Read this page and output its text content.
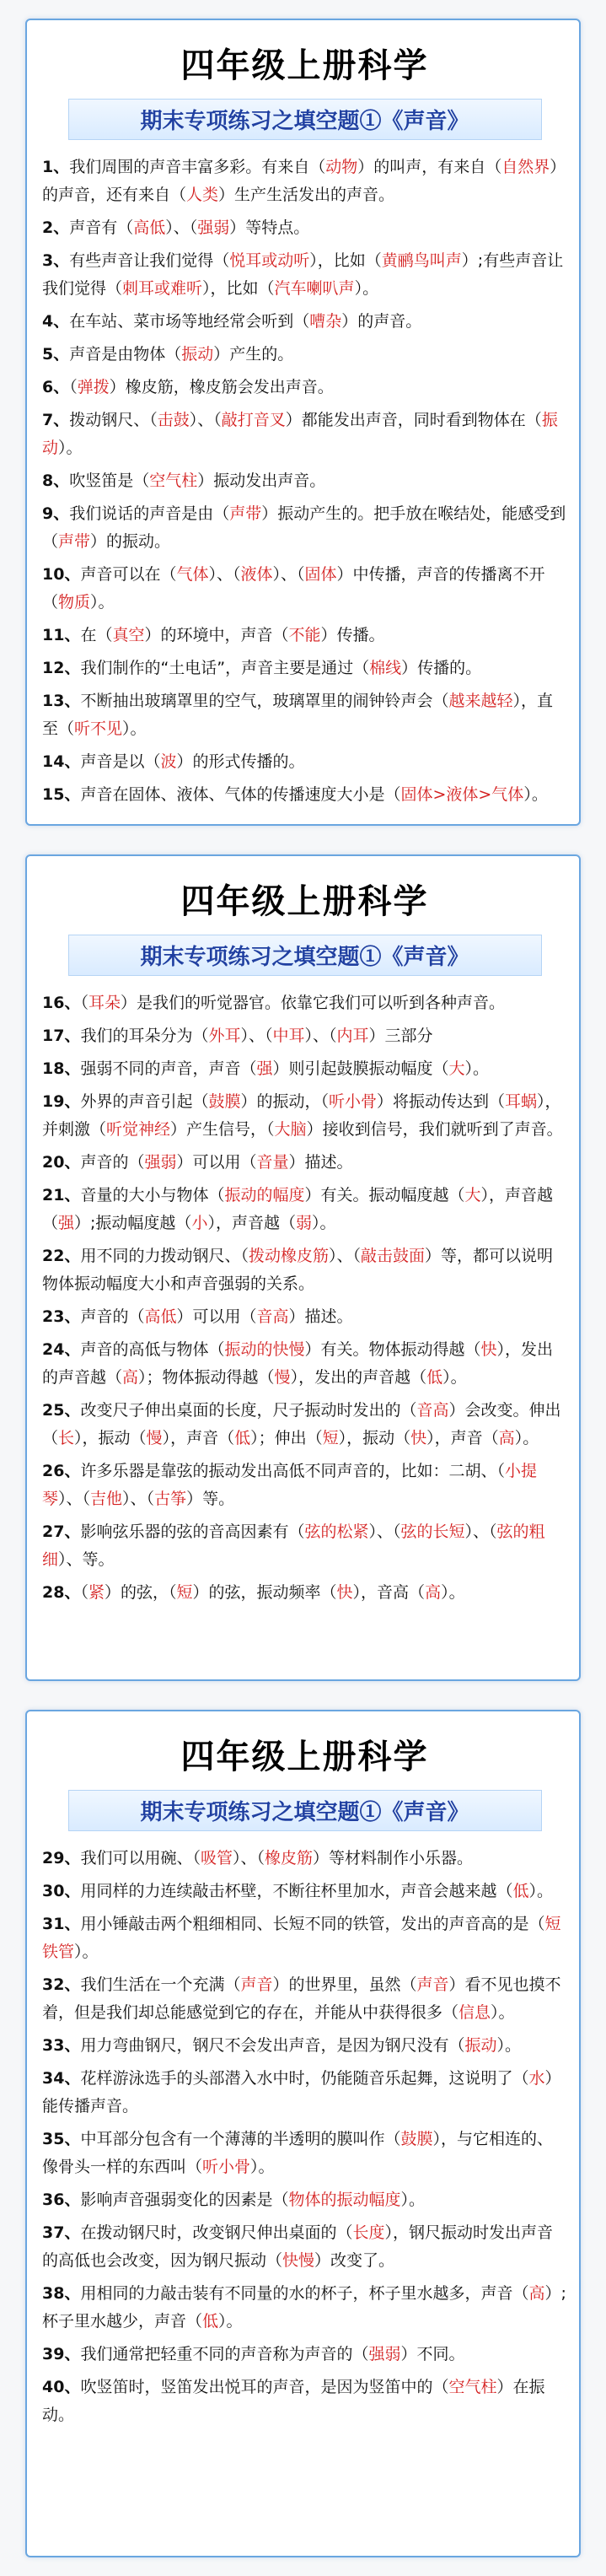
四年级上册科学
期末专项练习之填空题①《声音》
1、我们周围的声音丰富多彩。有来自（动物）的叫声，有来自（自然界）的声音，还有来自（人类）生产生活发出的声音。
2、声音有（高低）、（强弱）等特点。
3、有些声音让我们觉得（悦耳或动听），比如（黄鹂鸟叫声）;有些声音让我们觉得（刺耳或难听），比如（汽车喇叭声）。
4、在车站、菜市场等地经常会听到（嘈杂）的声音。
5、声音是由物体（振动）产生的。
6、（弹拨）橡皮筋，橡皮筋会发出声音。
7、拨动钢尺、（击鼓）、（敲打音叉）都能发出声音，同时看到物体在（振动）。
8、吹竖笛是（空气柱）振动发出声音。
9、我们说话的声音是由（声带）振动产生的。把手放在喉结处，能感受到（声带）的振动。
10、声音可以在（气体）、（液体）、（固体）中传播，声音的传播离不开（物质）。
11、在（真空）的环境中，声音（不能）传播。
12、我们制作的“土电话”，声音主要是通过（棉线）传播的。
13、不断抽出玻璃罩里的空气，玻璃罩里的闹钟铃声会（越来越轻），直至（听不见）。
14、声音是以（波）的形式传播的。
15、声音在固体、液体、气体的传播速度大小是（固体>液体>气体）。
四年级上册科学
期末专项练习之填空题①《声音》
16、（耳朵）是我们的听觉器官。依靠它我们可以听到各种声音。
17、我们的耳朵分为（外耳）、（中耳）、（内耳）三部分
18、强弱不同的声音，声音（强）则引起鼓膜振动幅度（大）。
19、外界的声音引起（鼓膜）的振动，（听小骨）将振动传达到（耳蜗），并刺激（听觉神经）产生信号，（大脑）接收到信号，我们就听到了声音。
20、声音的（强弱）可以用（音量）描述。
21、音量的大小与物体（振动的幅度）有关。振动幅度越（大），声音越（强）;振动幅度越（小），声音越（弱）。
22、用不同的力拨动钢尺、（拨动橡皮筋）、（敲击鼓面）等，都可以说明物体振动幅度大小和声音强弱的关系。
23、声音的（高低）可以用（音高）描述。
24、声音的高低与物体（振动的快慢）有关。物体振动得越（快），发出的声音越（高）；物体振动得越（慢），发出的声音越（低）。
25、改变尺子伸出桌面的长度，尺子振动时发出的（音高）会改变。伸出（长），振动（慢），声音（低）；伸出（短），振动（快），声音（高）。
26、许多乐器是靠弦的振动发出高低不同声音的，比如：二胡、（小提琴）、（吉他）、（古筝）等。
27、影响弦乐器的弦的音高因素有（弦的松紧）、（弦的长短）、（弦的粗细）、等。
28、（紧）的弦，（短）的弦，振动频率（快），音高（高）。
四年级上册科学
期末专项练习之填空题①《声音》
29、我们可以用碗、（吸管）、（橡皮筋）等材料制作小乐器。
30、用同样的力连续敲击杯壁，不断往杯里加水，声音会越来越（低）。
31、用小锤敲击两个粗细相同、长短不同的铁管，发出的声音高的是（短铁管）。
32、我们生活在一个充满（声音）的世界里，虽然（声音）看不见也摸不着，但是我们却总能感觉到它的存在，并能从中获得很多（信息）。
33、用力弯曲钢尺，钢尺不会发出声音，是因为钢尺没有（振动）。
34、花样游泳选手的头部潜入水中时，仍能随音乐起舞，这说明了（水）能传播声音。
35、中耳部分包含有一个薄薄的半透明的膜叫作（鼓膜），与它相连的、像骨头一样的东西叫（听小骨）。
36、影响声音强弱变化的因素是（物体的振动幅度）。
37、在拨动钢尺时，改变钢尺伸出桌面的（长度），钢尺振动时发出声音的高低也会改变，因为钢尺振动（快慢）改变了。
38、用相同的力敲击装有不同量的水的杯子，杯子里水越多，声音（高）;杯子里水越少，声音（低）。
39、我们通常把轻重不同的声音称为声音的（强弱）不同。
40、吹竖笛时，竖笛发出悦耳的声音，是因为竖笛中的（空气柱）在振动。
